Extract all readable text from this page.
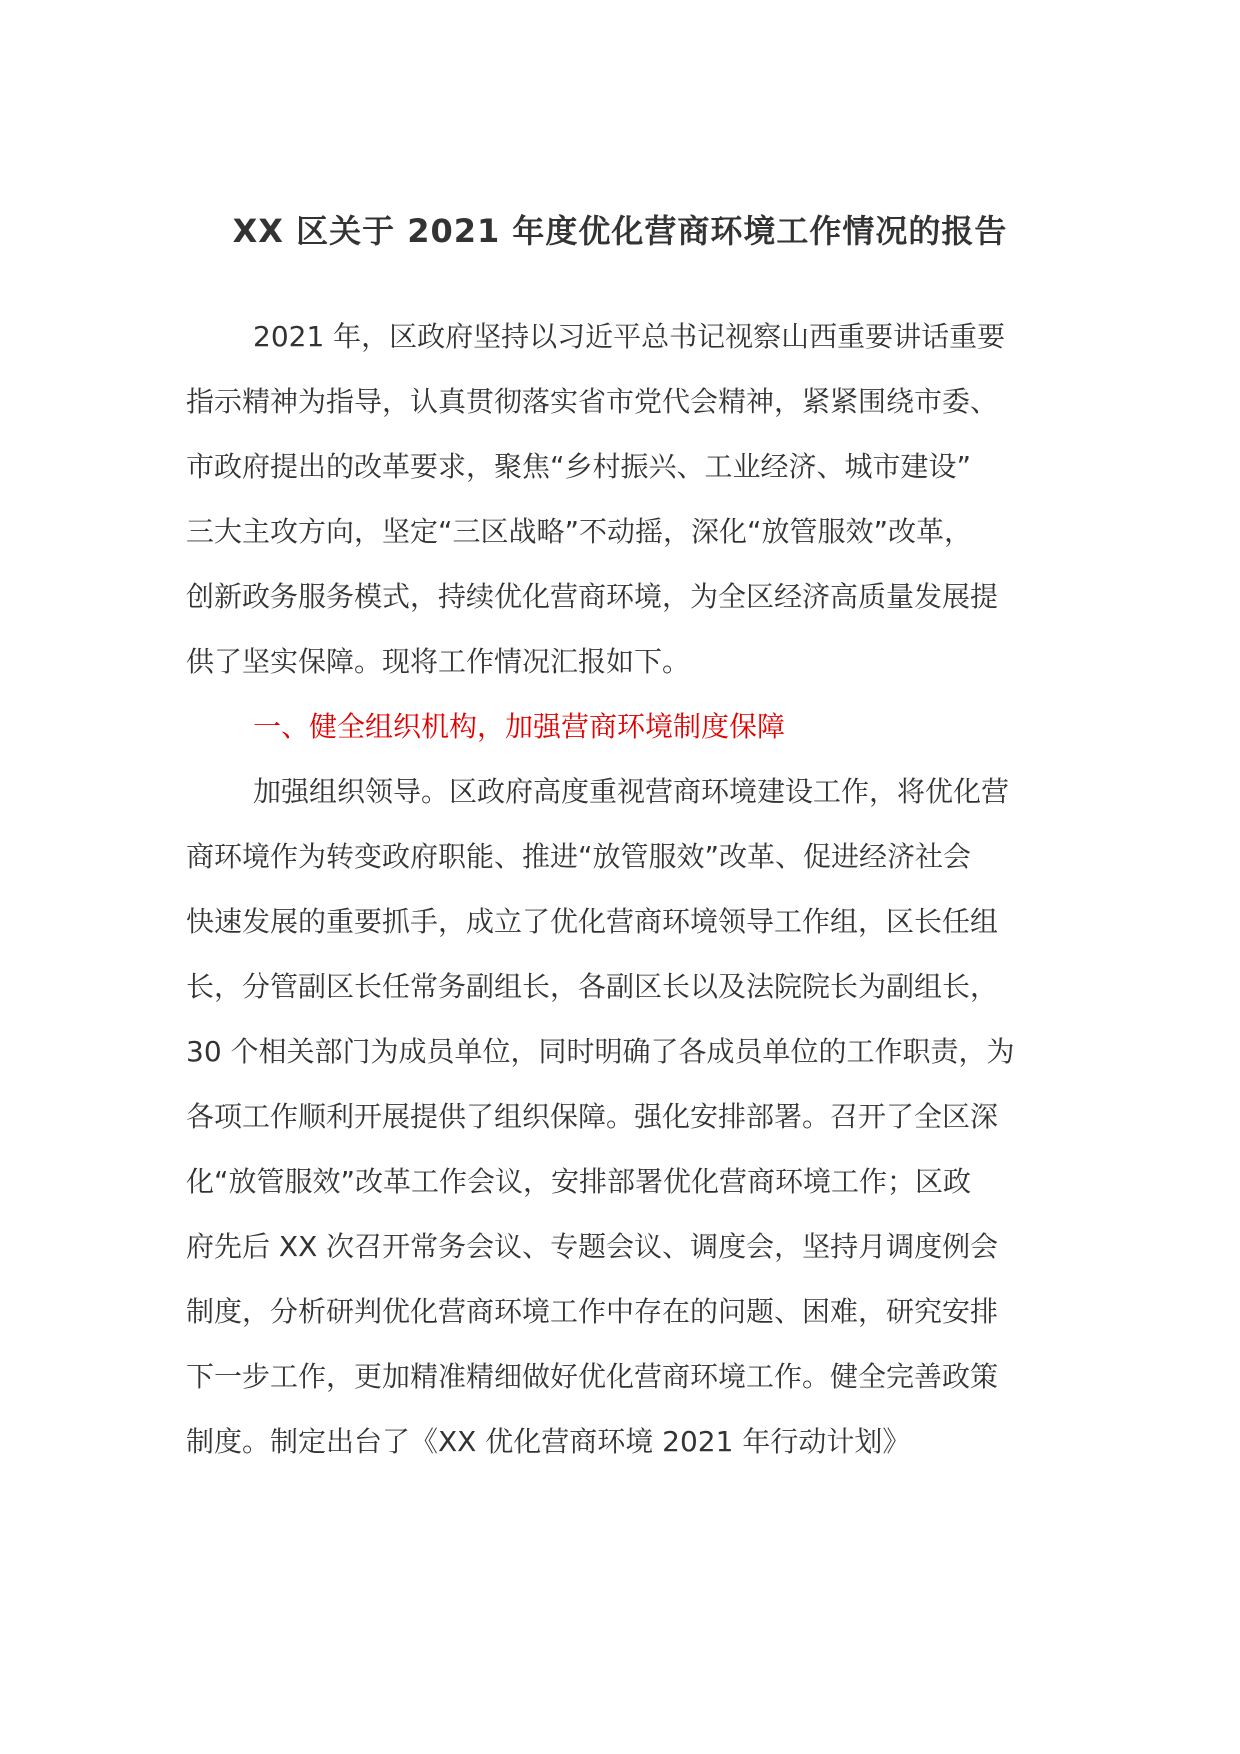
XX 区关于 2021 年度优化营商环境工作情况的报告
2021 年，区政府坚持以习近平总书记视察山西重要讲话重要
指示精神为指导，认真贯彻落实省市党代会精神，紧紧围绕市委、
市政府提出的改革要求，聚焦“乡村振兴、工业经济、城市建设”
三大主攻方向，坚定“三区战略”不动摇，深化“放管服效”改革，
创新政务服务模式，持续优化营商环境，为全区经济高质量发展提
供了坚实保障。现将工作情况汇报如下。
一、健全组织机构，加强营商环境制度保障
加强组织领导。区政府高度重视营商环境建设工作，将优化营
商环境作为转变政府职能、推进“放管服效”改革、促进经济社会
快速发展的重要抓手，成立了优化营商环境领导工作组，区长任组
长，分管副区长任常务副组长，各副区长以及法院院长为副组长，
30 个相关部门为成员单位，同时明确了各成员单位的工作职责，为
各项工作顺利开展提供了组织保障。强化安排部署。召开了全区深
化“放管服效”改革工作会议，安排部署优化营商环境工作；区政
府先后 XX 次召开常务会议、专题会议、调度会，坚持月调度例会
制度，分析研判优化营商环境工作中存在的问题、困难，研究安排
下一步工作，更加精准精细做好优化营商环境工作。健全完善政策
制度。制定出台了《XX 优化营商环境 2021 年行动计划》
